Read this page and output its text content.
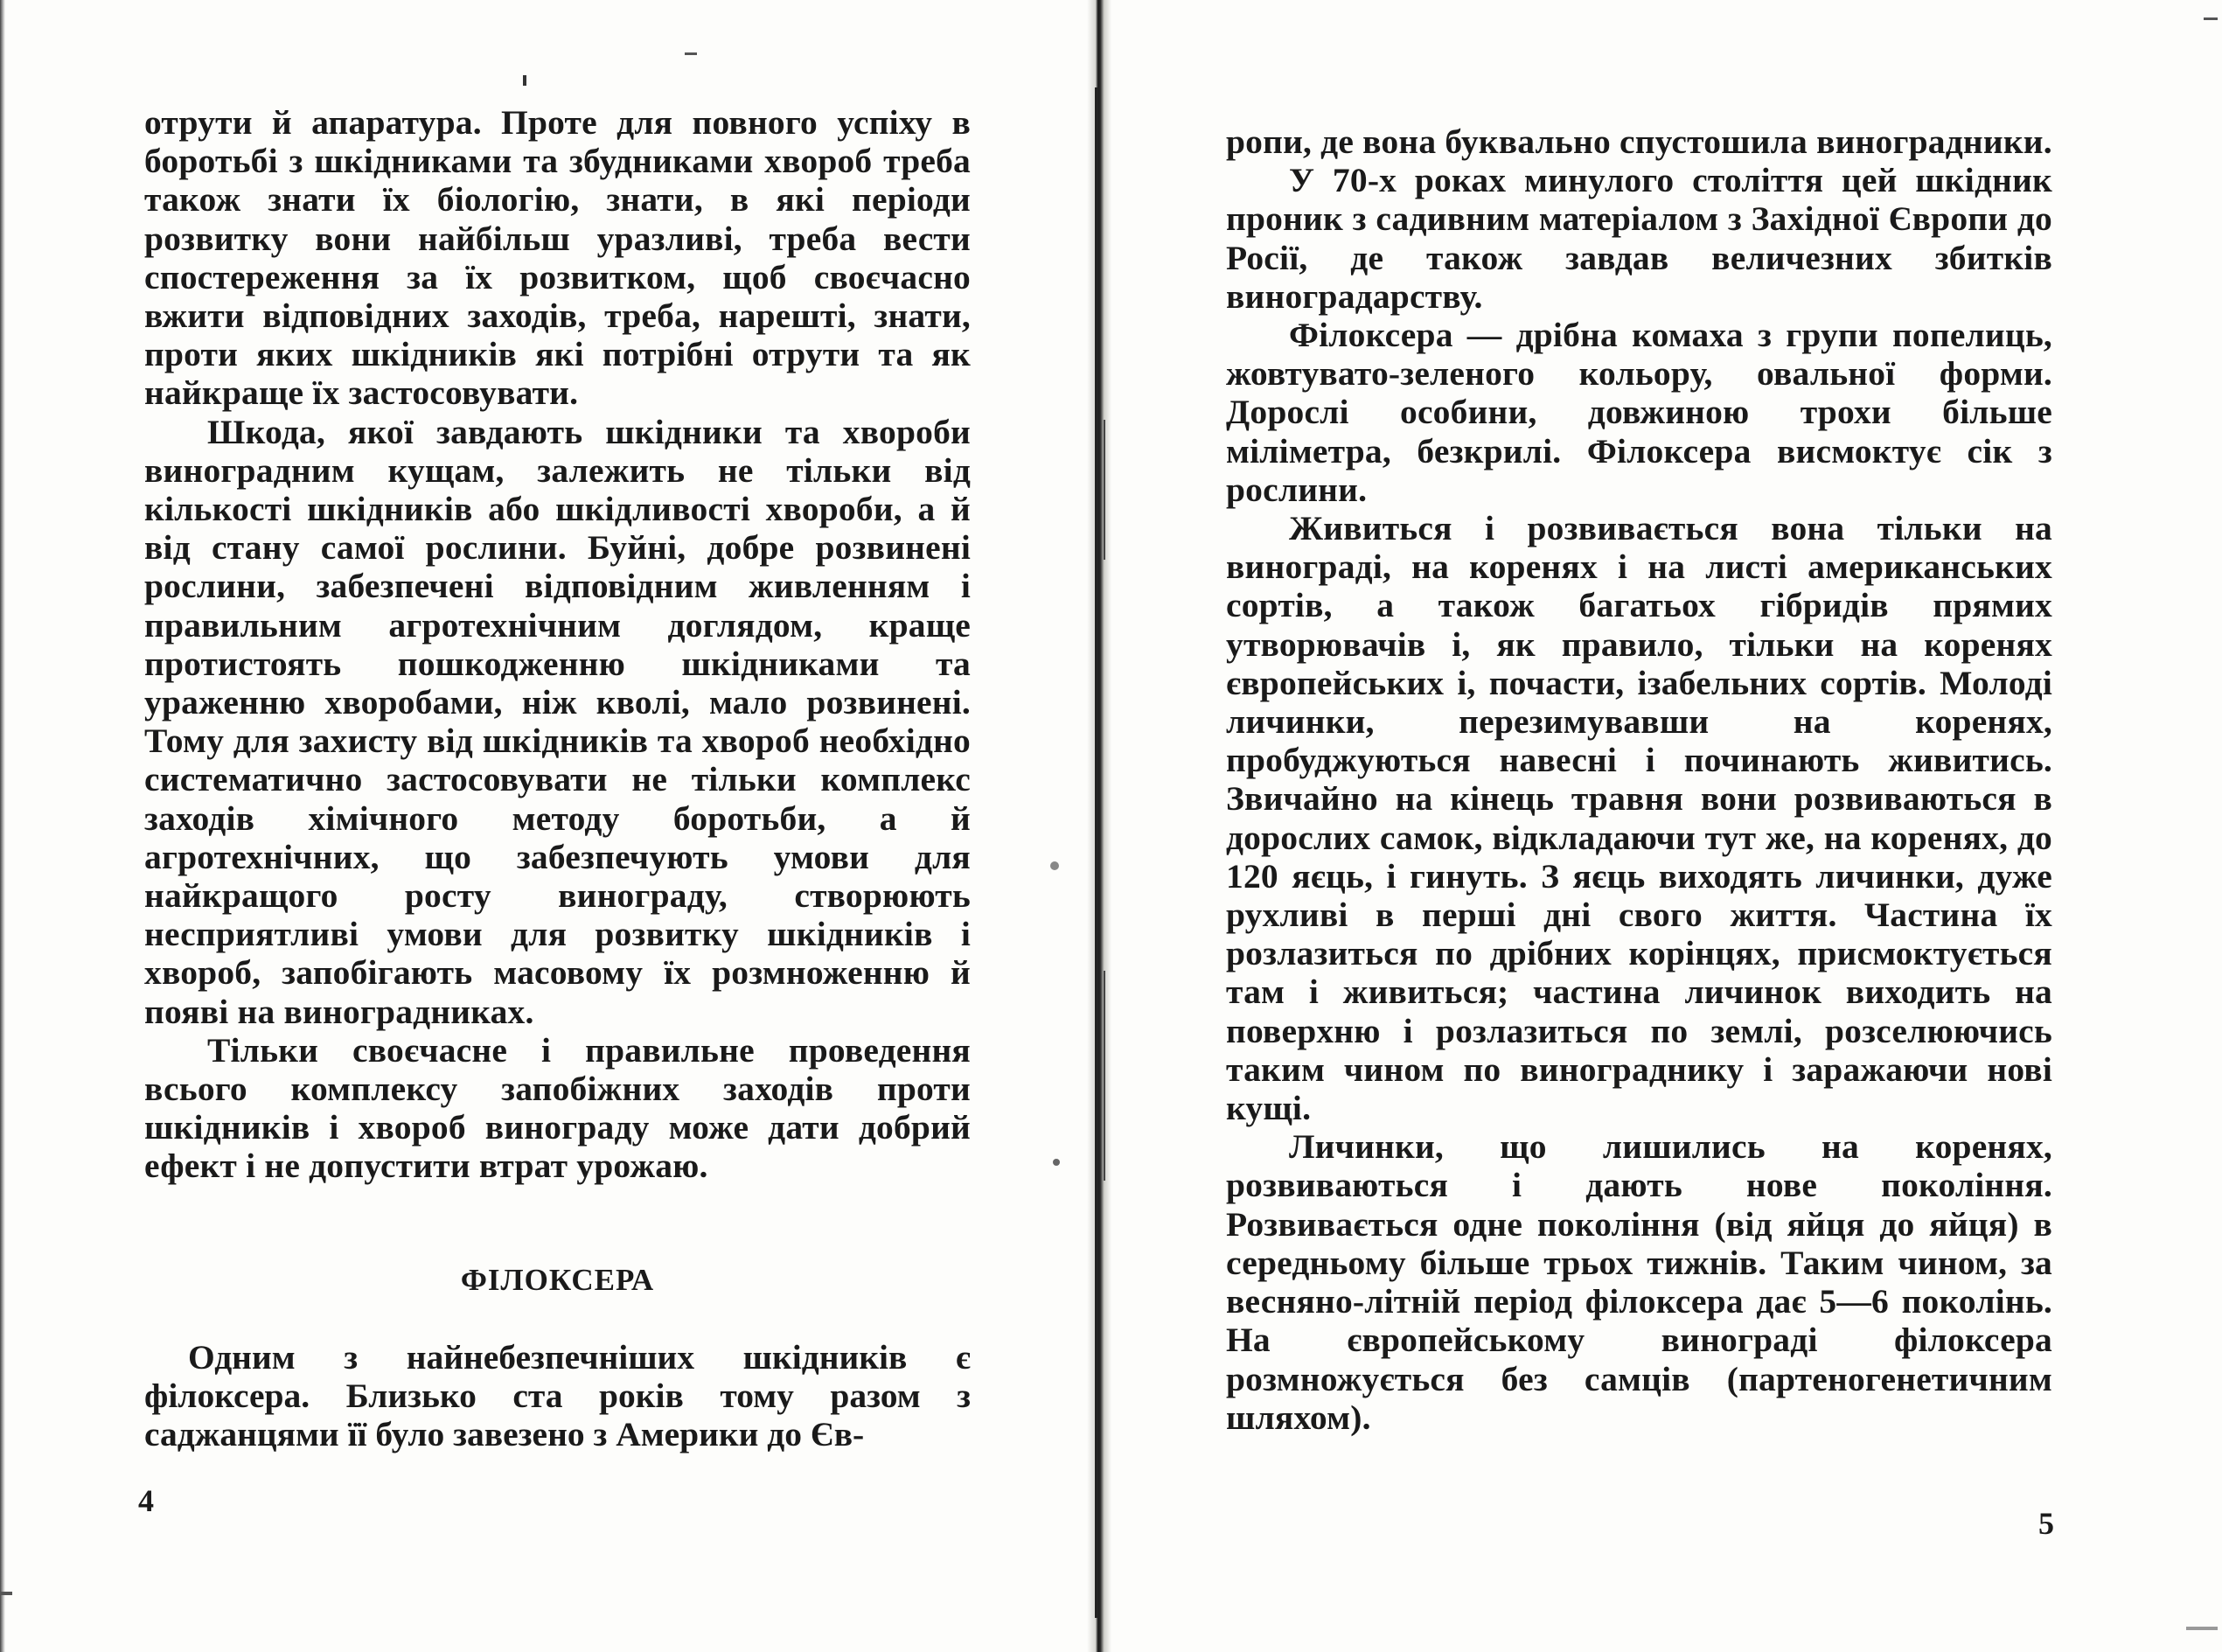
отрути й апаратура. Проте для повного успіху в боротьбі з шкідниками та збудниками хвороб треба також знати їх біологію, знати, в які періоди розвитку вони найбільш уразливі, треба вести спостереження за їх розвитком, щоб своєчасно вжити відповідних заходів, треба, нарешті, знати, проти яких шкідників які потрібні отрути та як найкраще їх застосовувати.

Шкода, якої завдають шкідники та хвороби виноградним кущам, залежить не тільки від кількості шкідників або шкідливості хвороби, а й від стану самої рослини. Буйні, добре розвинені рослини, забезпечені відповідним живленням і правильним агротехнічним доглядом, краще протистоять пошкодженню шкідниками та ураженню хворобами, ніж кволі, мало розвинені. Тому для захисту від шкідників та хвороб необхідно систематично застосовувати не тільки комплекс заходів хімічного методу боротьби, а й агротехнічних, що забезпечують умови для найкращого росту винограду, створюють несприятливі умови для розвитку шкідників і хвороб, запобігають масовому їх розмноженню й появі на виноградниках.

Тільки своєчасне і правильне проведення всього комплексу запобіжних заходів проти шкідників і хвороб винограду може дати добрий ефект і не допустити втрат урожаю.

ФІЛОКСЕРА

Одним з найнебезпечніших шкідників є філоксера. Близько ста років тому разом з саджанцями її було завезено з Америки до Єв-

4

ропи, де вона буквально спустошила виноградники.

У 70-х роках минулого століття цей шкідник проник з садивним матеріалом з Західної Європи до Росії, де також завдав величезних збитків виноградарству.

Філоксера — дрібна комаха з групи попелиць, жовтувато-зеленого кольору, овальної форми. Дорослі особини, довжиною трохи більше міліметра, безкрилі. Філоксера висмоктує сік з рослини.

Живиться і розвивається вона тільки на винограді, на коренях і на листі американських сортів, а також багатьох гібридів прямих утворювачів і, як правило, тільки на коренях європейських і, почасти, ізабельних сортів. Молоді личинки, перезимувавши на коренях, пробуджуються навесні і починають живитись. Звичайно на кінець травня вони розвиваються в дорослих самок, відкладаючи тут же, на коренях, до 120 яєць, і гинуть. З яєць виходять личинки, дуже рухливі в перші дні свого життя. Частина їх розлазиться по дрібних корінцях, присмоктується там і живиться; частина личинок виходить на поверхню і розлазиться по землі, розселюючись таким чином по винограднику і заражаючи нові кущі.

Личинки, що лишились на коренях, розвиваються і дають нове покоління. Розвивається одне покоління (від яйця до яйця) в середньому більше трьох тижнів. Таким чином, за весняно-літній період філоксера дає 5—6 поколінь. На європейському винограді філоксера розмножується без самців (партеногенетичним шляхом).

5
